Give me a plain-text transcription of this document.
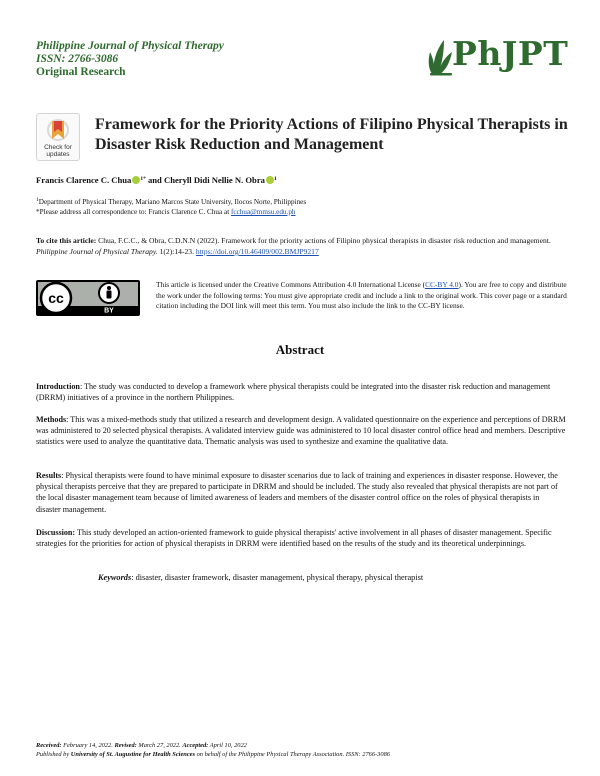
Philippine Journal of Physical Therapy
ISSN: 2766-3086
Original Research	PhJPT
Check for
updates
Framework for the Priority Actions of Filipino Physical Therapists in Disaster Risk Reduction and Management
Francis Clarence C. Chua $^{1*}$ and Cheryll Didi Nellie N. Obra $^1$
$^1$Department of Physical Therapy, Mariano Marcos State University, Ilocos Norte, Philippines
*Please address all correspondence to: Francis Clarence C. Chua at fcchua@mmsu.edu.ph
To cite this article: Chua, F.C.C., & Obra, C.D.N.N (2022). Framework for the priority actions of Filipino physical therapists in disaster risk reduction and management. Philippine Journal of Physical Therapy. 1(2):14-23. https://doi.org/10.46409/002.BMJP9217
cc
BY
This article is licensed under the Creative Commons Attribution 4.0 International License (CC-BY 4.0). You are free to copy and distribute the work under the following terms: You must give appropriate credit and include a link to the original work. This cover page or a standard citation including the DOI link will meet this term. You must also include the link to the CC-BY license.
Abstract
Introduction: The study was conducted to develop a framework where physical therapists could be integrated into the disaster risk reduction and management (DRRM) initiatives of a province in the northern Philippines.
Methods: This was a mixed-methods study that utilized a research and development design. A validated questionnaire on the experience and perceptions of DRRM was administered to 20 selected physical therapists. A validated interview guide was administered to 10 local disaster control office head and members. Descriptive statistics were used to analyze the quantitative data. Thematic analysis was used to synthesize and examine the qualitative data.
Results: Physical therapists were found to have minimal exposure to disaster scenarios due to lack of training and experiences in disaster response. However, the physical therapists perceive that they are prepared to participate in DRRM and should be included. The study also revealed that physical therapists are not part of the local disaster management team because of limited awareness of leaders and members of the disaster control office on the roles of physical therapists in disaster management.
Discussion: This study developed an action-oriented framework to guide physical therapists' active involvement in all phases of disaster management. Specific strategies for the priorities for action of physical therapists in DRRM were identified based on the results of the study and its theoretical underpinnings.
Keywords: disaster, disaster framework, disaster management, physical therapy, physical therapist
Received: February 14, 2022. Revised: March 27, 2022. Accepted: April 10, 2022
Published by University of St. Augustine for Health Sciences on behalf of the Philippine Physical Therapy Association. ISSN: 2766-3086
